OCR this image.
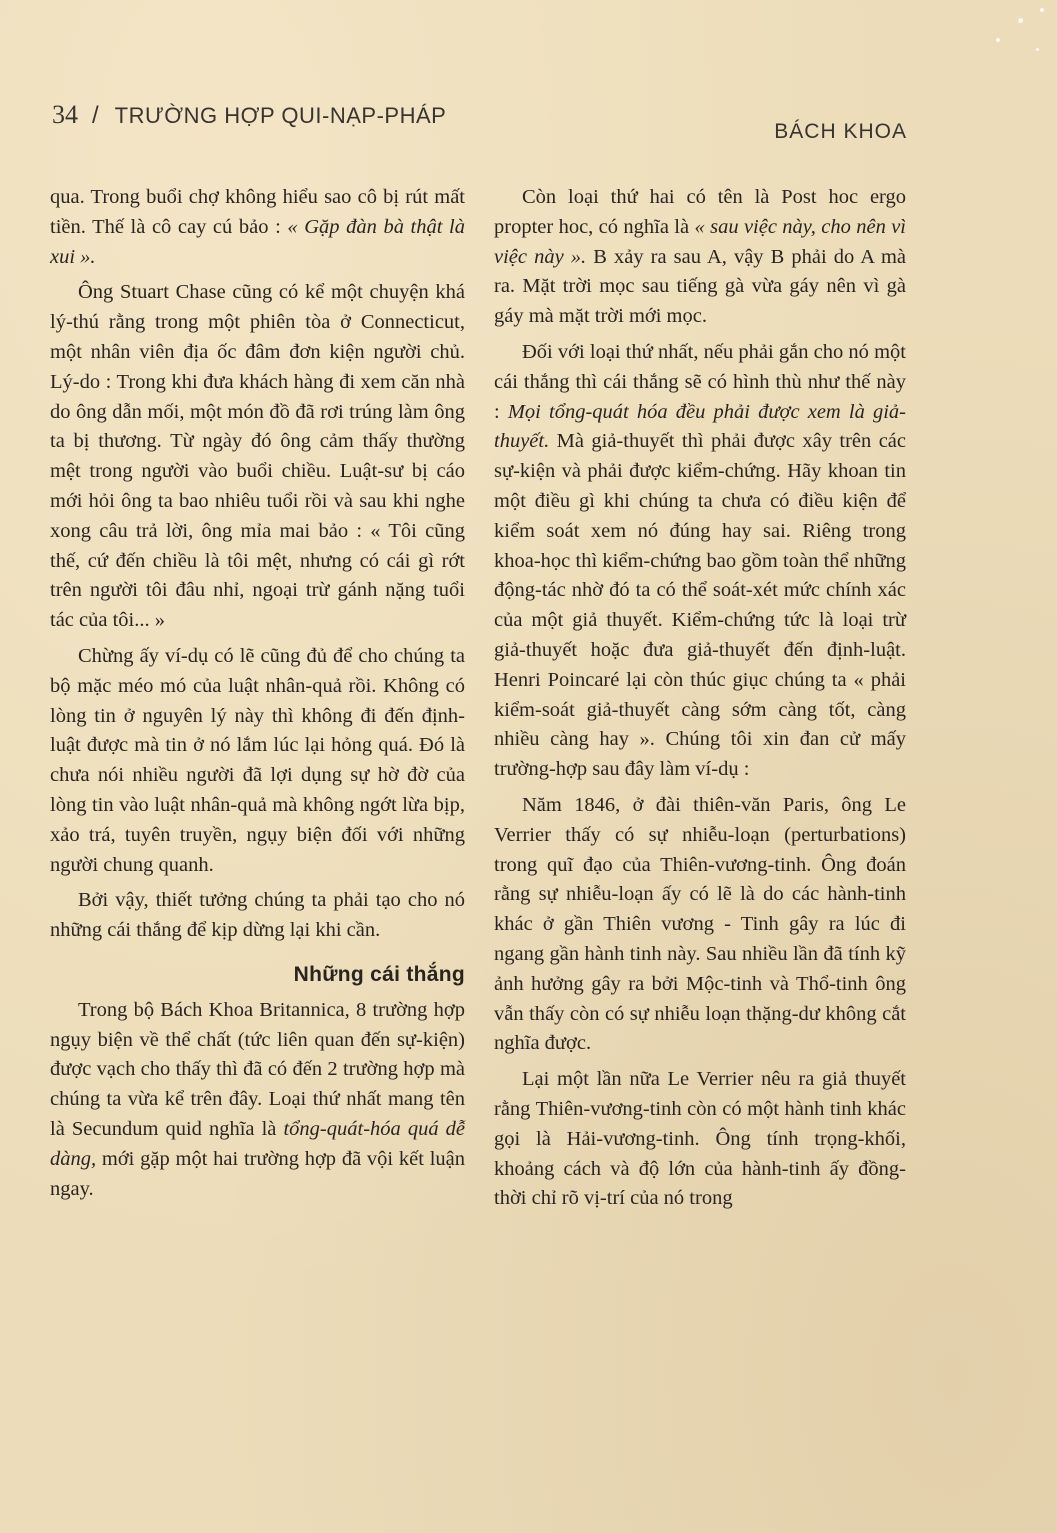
34 / TRƯỜNG HỢP QUI-NẠP-PHÁP
BÁCH KHOA

qua. Trong buổi chợ không hiểu sao cô bị rút mất tiền. Thế là cô cay cú bảo : « Gặp đàn bà thật là xui ».

Ông Stuart Chase cũng có kể một chuyện khá lý-thú rằng trong một phiên tòa ở Connecticut, một nhân viên địa ốc đâm đơn kiện người chủ. Lý-do : Trong khi đưa khách hàng đi xem căn nhà do ông dẫn mối, một món đồ đã rơi trúng làm ông ta bị thương. Từ ngày đó ông cảm thấy thường mệt trong người vào buổi chiều. Luật-sư bị cáo mới hỏi ông ta bao nhiêu tuổi rồi và sau khi nghe xong câu trả lời, ông mỉa mai bảo : « Tôi cũng thế, cứ đến chiều là tôi mệt, nhưng có cái gì rớt trên người tôi đâu nhỉ, ngoại trừ gánh nặng tuổi tác của tôi... »

Chừng ấy ví-dụ có lẽ cũng đủ để cho chúng ta bộ mặc méo mó của luật nhân-quả rồi. Không có lòng tin ở nguyên lý này thì không đi đến định-luật được mà tin ở nó lắm lúc lại hỏng quá. Đó là chưa nói nhiều người đã lợi dụng sự hờ đờ của lòng tin vào luật nhân-quả mà không ngớt lừa bịp, xảo trá, tuyên truyền, ngụy biện đối với những người chung quanh.

Bởi vậy, thiết tưởng chúng ta phải tạo cho nó những cái thắng để kịp dừng lại khi cần.

Những cái thắng

Trong bộ Bách Khoa Britannica, 8 trường hợp ngụy biện về thể chất (tức liên quan đến sự-kiện) được vạch cho thấy thì đã có đến 2 trường hợp mà chúng ta vừa kể trên đây. Loại thứ nhất mang tên là Secundum quid nghĩa là tổng-quát-hóa quá dễ dàng, mới gặp một hai trường hợp đã vội kết luận ngay.

Còn loại thứ hai có tên là Post hoc ergo propter hoc, có nghĩa là « sau việc này, cho nên vì việc này ». B xảy ra sau A, vậy B phải do A mà ra. Mặt trời mọc sau tiếng gà vừa gáy nên vì gà gáy mà mặt trời mới mọc.

Đối với loại thứ nhất, nếu phải gắn cho nó một cái thắng thì cái thắng sẽ có hình thù như thế này : Mọi tổng-quát hóa đều phải được xem là giả-thuyết. Mà giả-thuyết thì phải được xây trên các sự-kiện và phải được kiểm-chứng. Hãy khoan tin một điều gì khi chúng ta chưa có điều kiện để kiểm soát xem nó đúng hay sai. Riêng trong khoa-học thì kiểm-chứng bao gồm toàn thể những động-tác nhờ đó ta có thể soát-xét mức chính xác của một giả thuyết. Kiểm-chứng tức là loại trừ giả-thuyết hoặc đưa giả-thuyết đến định-luật. Henri Poincaré lại còn thúc giục chúng ta « phải kiểm-soát giả-thuyết càng sớm càng tốt, càng nhiều càng hay ». Chúng tôi xin đan cử mấy trường-hợp sau đây làm ví-dụ :

Năm 1846, ở đài thiên-văn Paris, ông Le Verrier thấy có sự nhiễu-loạn (perturbations) trong quĩ đạo của Thiên-vương-tinh. Ông đoán rằng sự nhiễu-loạn ấy có lẽ là do các hành-tinh khác ở gần Thiên vương - Tinh gây ra lúc đi ngang gần hành tinh này. Sau nhiều lần đã tính kỹ ảnh hưởng gây ra bởi Mộc-tinh và Thổ-tinh ông vẫn thấy còn có sự nhiễu loạn thặng-dư không cắt nghĩa được.

Lại một lần nữa Le Verrier nêu ra giả thuyết rằng Thiên-vương-tinh còn có một hành tinh khác gọi là Hải-vương-tinh. Ông tính trọng-khối, khoảng cách và độ lớn của hành-tinh ấy đồng-thời chỉ rõ vị-trí của nó trong
